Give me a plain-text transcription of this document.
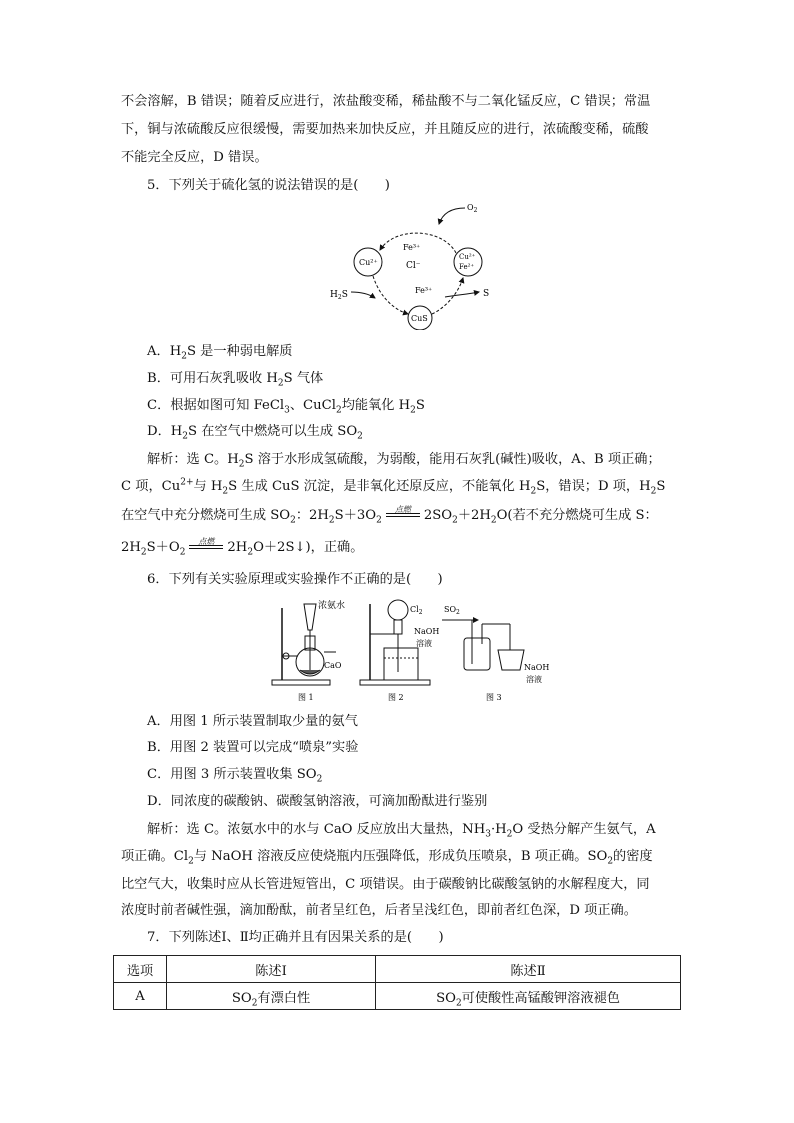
不会溶解，B 错误；随着反应进行，浓盐酸变稀，稀盐酸不与二氧化锰反应，C 错误；常温
下，铜与浓硫酸反应很缓慢，需要加热来加快反应，并且随反应的进行，浓硫酸变稀，硫酸
不能完全反应，D 错误。
5．下列关于硫化氢的说法错误的是(　　)
$O_2$
Fe³⁺
Cl⁻
Cu²⁺
Cu²⁺
Fe²⁺
$H_2S$	Fe³⁺	S
CuS
A．$H_2S$ 是一种弱电解质
B．可用石灰乳吸收 $H_2S$ 气体
C．根据如图可知 FeCl$_3$、CuCl$_2$均能氧化 $H_2S$
D．$H_2S$ 在空气中燃烧可以生成 $SO_2$
解析：选 C。$H_2S$ 溶于水形成氢硫酸，为弱酸，能用石灰乳(碱性)吸收，A、B 项正确；
C 项，$Cu^{2+}$与 $H_2S$ 生成 CuS 沉淀，是非氧化还原反应，不能氧化 $H_2S$，错误；D 项，$H_2S$
在空气中充分燃烧可生成 $SO_2$：$2H_2S+3O_2$
点燃 $2SO_2+2H_2O$(若不充分燃烧可生成 S：
$2H_2S+O_2$
点燃 $2H_2O+2S↓$)，正确。
6．下列有关实验原理或实验操作不正确的是(　　)
浓氨水
CaO
图 1
$Cl_2$
NaOH
溶液
图 2
$SO_2$
NaOH
溶液
图 3
A．用图 1 所示装置制取少量的氨气
B．用图 2 装置可以完成“喷泉”实验
C．用图 3 所示装置收集 $SO_2$
D．同浓度的碳酸钠、碳酸氢钠溶液，可滴加酚酞进行鉴别
解析：选 C。浓氨水中的水与 CaO 反应放出大量热，$NH_3\cdot H_2O$ 受热分解产生氨气，A
项正确。$Cl_2$与 NaOH 溶液反应使烧瓶内压强降低，形成负压喷泉，B 项正确。$SO_2$的密度
比空气大，收集时应从长管进短管出，C 项错误。由于碳酸钠比碳酸氢钠的水解程度大，同
浓度时前者碱性强，滴加酚酞，前者呈红色，后者呈浅红色，即前者红色深，D 项正确。
7．下列陈述Ⅰ、Ⅱ均正确并且有因果关系的是(　　)
选项	陈述Ⅰ	陈述Ⅱ
A	$SO_2$有漂白性	$SO_2$可使酸性高锰酸钾溶液褪色
